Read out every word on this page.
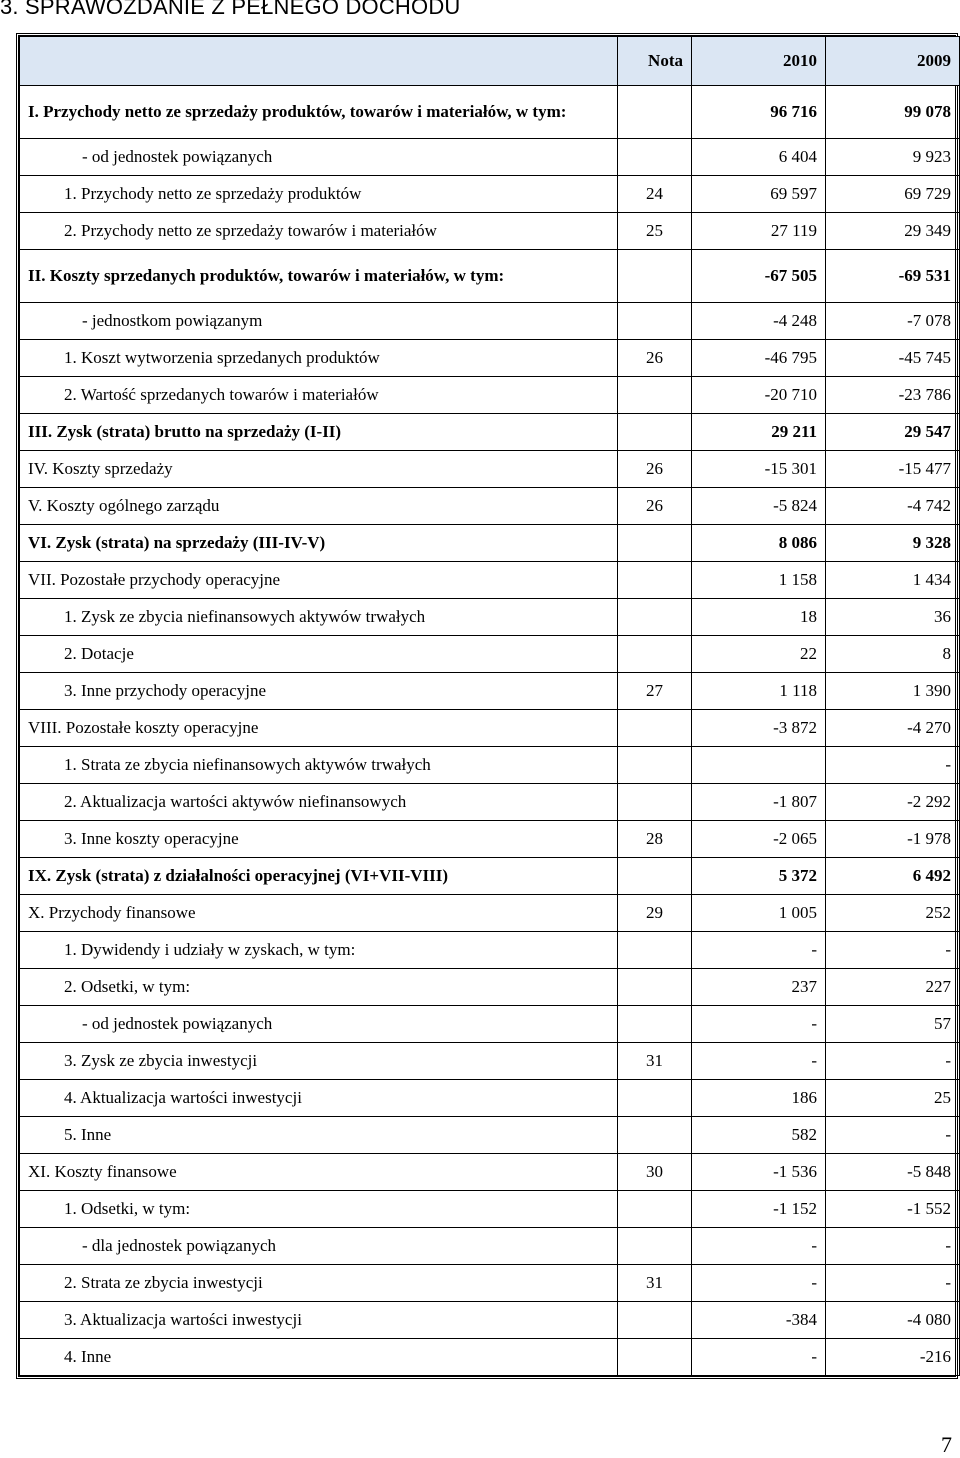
3. SPRAWOZDANIE Z PEŁNEGO DOCHODU
	Nota	2010	2009
I. Przychody netto ze sprzedaży produktów, towarów i materiałów, w tym:		96 716	99 078
- od jednostek powiązanych		6 404	9 923
1. Przychody netto ze sprzedaży produktów	24	69 597	69 729
2. Przychody netto ze sprzedaży towarów i materiałów	25	27 119	29 349
II. Koszty sprzedanych produktów, towarów i materiałów, w tym:		-67 505	-69 531
- jednostkom powiązanym		-4 248	-7 078
1. Koszt wytworzenia sprzedanych produktów	26	-46 795	-45 745
2. Wartość sprzedanych towarów i materiałów		-20 710	-23 786
III. Zysk (strata) brutto na sprzedaży (I-II)		29 211	29 547
IV. Koszty sprzedaży	26	-15 301	-15 477
V. Koszty ogólnego zarządu	26	-5 824	-4 742
VI. Zysk (strata) na sprzedaży (III-IV-V)		8 086	9 328
VII. Pozostałe przychody operacyjne		1 158	1 434
1. Zysk ze zbycia niefinansowych aktywów trwałych		18	36
2. Dotacje		22	8
3. Inne przychody operacyjne	27	1 118	1 390
VIII. Pozostałe koszty operacyjne		-3 872	-4 270
1. Strata ze zbycia niefinansowych aktywów trwałych			-
2. Aktualizacja wartości aktywów niefinansowych		-1 807	-2 292
3. Inne koszty operacyjne	28	-2 065	-1 978
IX. Zysk (strata) z działalności operacyjnej (VI+VII-VIII)		5 372	6 492
X. Przychody finansowe	29	1 005	252
1. Dywidendy i udziały w zyskach, w tym:		-	-
2. Odsetki, w tym:		237	227
- od jednostek powiązanych		-	57
3. Zysk ze zbycia inwestycji	31	-	-
4. Aktualizacja wartości inwestycji		186	25
5. Inne		582	-
XI. Koszty finansowe	30	-1 536	-5 848
1. Odsetki, w tym:		-1 152	-1 552
- dla jednostek powiązanych		-	-
2. Strata ze zbycia inwestycji	31	-	-
3. Aktualizacja wartości inwestycji		-384	-4 080
4. Inne		-	-216
7
